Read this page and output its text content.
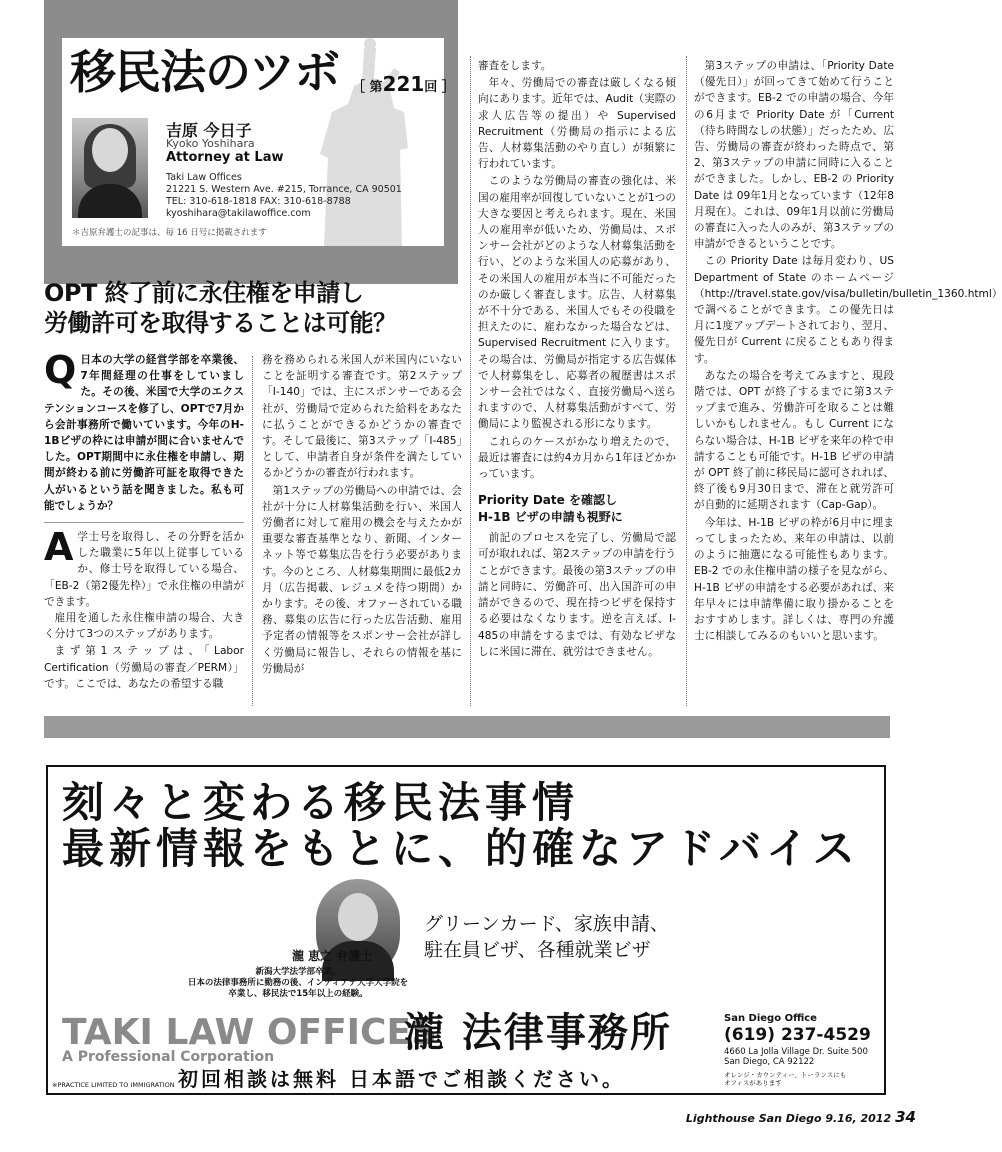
移民法のツボ ［ 第221回 ］
吉原 今日子
Kyoko Yoshihara
Attorney at Law
Taki Law Offices
21221 S. Western Ave. #215, Torrance, CA 90501
TEL: 310-618-1818 FAX: 310-618-8788
kyoshihara@takilawoffice.com
＊吉原弁護士の記事は、毎 16 日号に掲載されます
OPT 終了前に永住権を申請し
労働許可を取得することは可能？
Q 日本の大学の経営学部を卒業後、7年間経理の仕事をしていました。その後、米国で大学のエクステンションコースを修了し、OPTで7月から会計事務所で働いています。今年のH-1Bビザの枠には申請が間に合いませんでした。OPT期間中に永住権を申請し、期間が終わる前に労働許可証を取得できた人がいるという話を聞きました。私も可能でしょうか？
A 学士号を取得し、その分野を活かした職業に5年以上従事しているか、修士号を取得している場合、「EB-2（第2優先枠）」で永住権の申請ができます。

雇用を通した永住権申請の場合、大きく分けて3つのステップがあります。

まず第1ステップは、「Labor Certification（労働局の審査／PERM）」です。ここでは、あなたの希望する職

務を務められる米国人が米国内にいないことを証明する審査です。第2ステップ「I-140」では、主にスポンサーである会社が、労働局で定められた給料をあなたに払うことができるかどうかの審査です。そして最後に、第3ステップ「I-485」として、申請者自身が条件を満たしているかどうかの審査が行われます。

第1ステップの労働局への申請では、会社が十分に人材募集活動を行い、米国人労働者に対して雇用の機会を与えたかが重要な審査基準となり、新聞、インターネット等で募集広告を行う必要があります。今のところ、人材募集期間に最低2カ月（広告掲載、レジュメを待つ期間）かかります。その後、オファーされている職務、募集の広告に行った広告活動、雇用予定者の情報等をスポンサー会社が詳しく労働局に報告し、それらの情報を基に労働局が

審査をします。

年々、労働局での審査は厳しくなる傾向にあります。近年では、Audit（実際の求人広告等の提出）や Supervised Recruitment（労働局の指示による広告、人材募集活動のやり直し）が頻繁に行われています。

このような労働局の審査の強化は、米国の雇用率が回復していないことが1つの大きな要因と考えられます。現在、米国人の雇用率が低いため、労働局は、スポンサー会社がどのような人材募集活動を行い、どのような米国人の応募があり、その米国人の雇用が本当に不可能だったのか厳しく審査します。広告、人材募集が不十分である、米国人でもその役職を担えたのに、雇わなかった場合などは、Supervised Recruitment に入ります。その場合は、労働局が指定する広告媒体で人材募集をし、応募者の履歴書はスポンサー会社ではなく、直接労働局へ送られますので、人材募集活動がすべて、労働局により監視される形になります。

これらのケースがかなり増えたので、最近は審査には約4カ月から1年ほどかかっています。

Priority Date を確認し
H-1B ビザの申請も視野に

前記のプロセスを完了し、労働局で認可が取れれば、第2ステップの申請を行うことができます。最後の第3ステップの申請と同時に、労働許可、出入国許可の申請ができるので、現在持つビザを保持する必要はなくなります。逆を言えば、I-485の申請をするまでは、有効なビザなしに米国に滞在、就労はできません。

第3ステップの申請は、「Priority Date（優先日）」が回ってきて始めて行うことができます。EB-2 での申請の場合、今年の6月まで Priority Date が「Current（待ち時間なしの状態）」だったため、広告、労働局の審査が終わった時点で、第2、第3ステップの申請に同時に入ることができました。しかし、EB-2 の Priority Date は 09年1月となっています（12年8月現在）。これは、09年1月以前に労働局の審査に入った人のみが、第3ステップの申請ができるということです。

この Priority Date は毎月変わり、US Department of State のホームページ（http://travel.state.gov/visa/bulletin/bulletin_1360.html）で調べることができます。この優先日は月に1度アップデートされており、翌月、優先日が Current に戻ることもあり得ます。

あなたの場合を考えてみますと、現段階では、OPT が終了するまでに第3ステップまで進み、労働許可を取ることは難しいかもしれません。もし Current にならない場合は、H-1B ビザを来年の枠で申請することも可能です。H-1B ビザの申請が OPT 終了前に移民局に認可されれば、終了後も9月30日まで、滞在と就労許可が自動的に延期されます（Cap-Gap）。

今年は、H-1B ビザの枠が6月中に埋まってしまったため、来年の申請は、以前のように抽選になる可能性もあります。EB-2 での永住権申請の様子を見ながら、H-1B ビザの申請をする必要があれば、来年早々には申請準備に取り掛かることをおすすめします。詳しくは、専門の弁護士に相談してみるのもいいと思います。

刻々と変わる移民法事情
最新情報をもとに、的確なアドバイス
グリーンカード、家族申請、
駐在員ビザ、各種就業ビザ
瀧 恵之 弁護士
新潟大学法学部卒業。
日本の法律事務所に勤務の後、インディアナ大学大学院を
卒業し、移民法で15年以上の経験。
TAKI LAW OFFICES
A Professional Corporation
瀧 法律事務所
初回相談は無料 日本語でご相談ください。
※PRACTICE LIMITED TO IMMIGRATION
San Diego Office
(619) 237-4529
4660 La Jolla Village Dr. Suite 500
San Diego, CA 92122
オレンジ・カウンティー、トーランスにも
オフィスがあります
Lighthouse San Diego 9.16, 2012 34
